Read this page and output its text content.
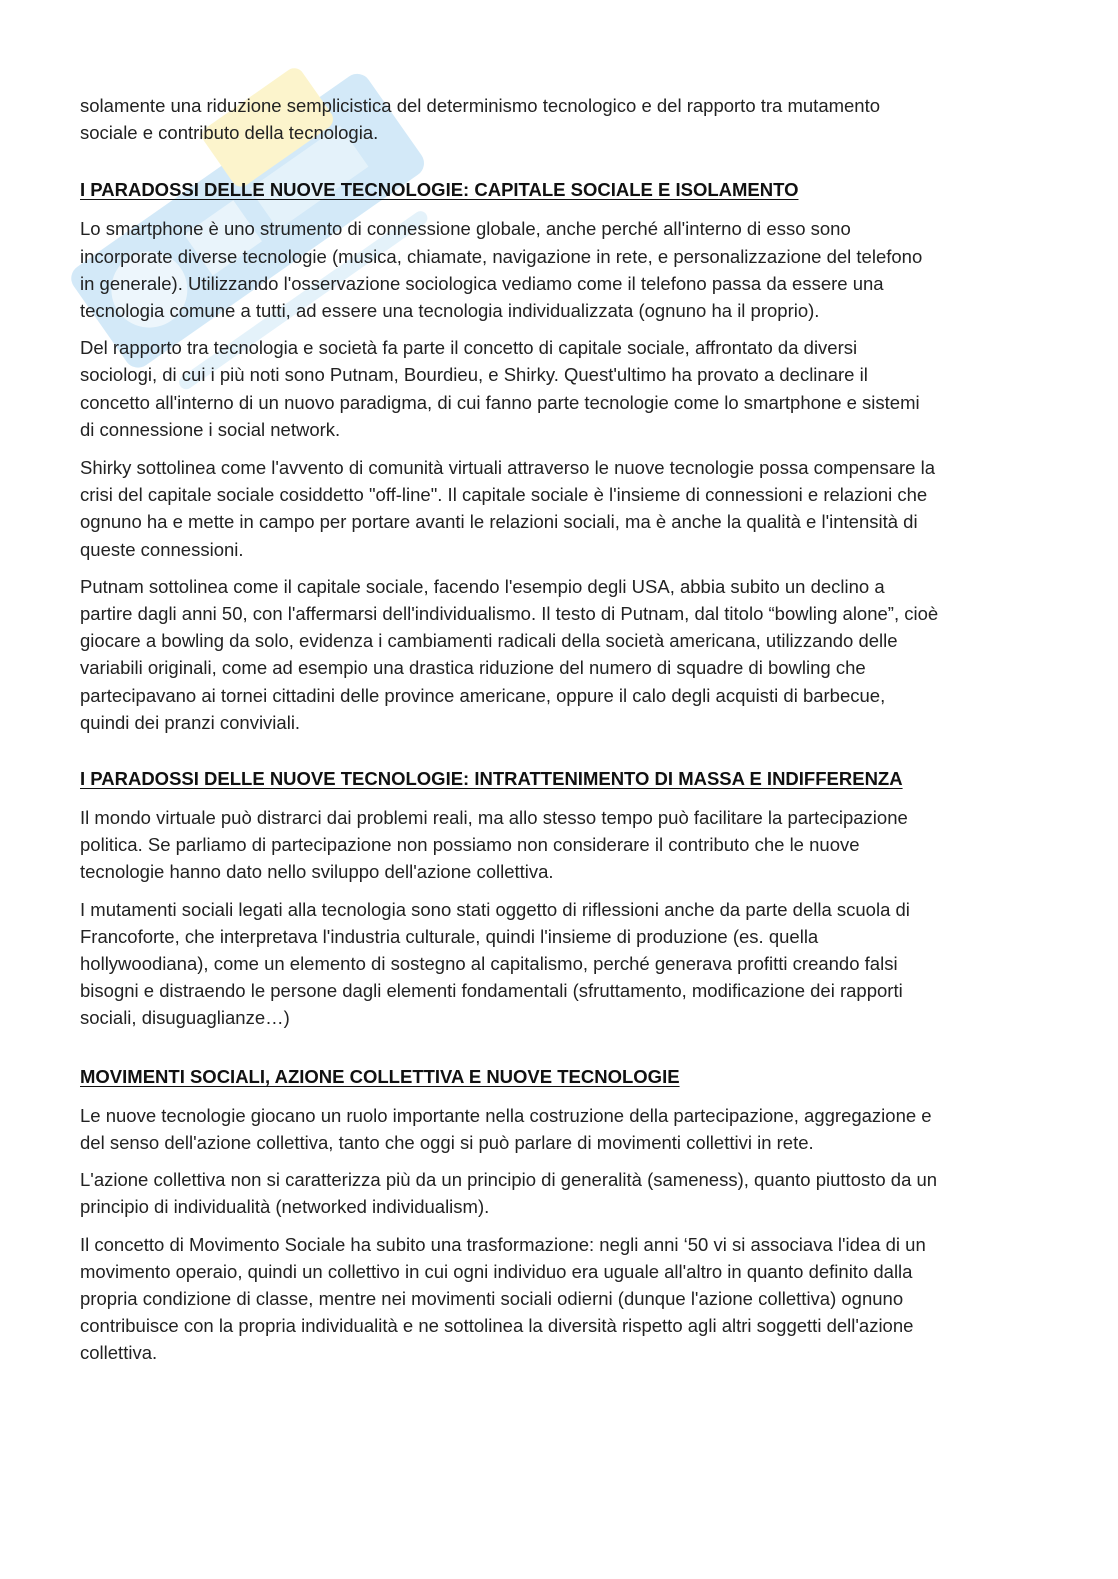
solamente una riduzione semplicistica del determinismo tecnologico e del rapporto tra mutamento
sociale e contributo della tecnologia.

I PARADOSSI DELLE NUOVE TECNOLOGIE: CAPITALE SOCIALE E ISOLAMENTO

Lo smartphone è uno strumento di connessione globale, anche perché all'interno di esso sono
incorporate diverse tecnologie (musica, chiamate, navigazione in rete, e personalizzazione del telefono
in generale). Utilizzando l'osservazione sociologica vediamo come il telefono passa da essere una
tecnologia comune a tutti, ad essere una tecnologia individualizzata (ognuno ha il proprio).

Del rapporto tra tecnologia e società fa parte il concetto di capitale sociale, affrontato da diversi
sociologi, di cui i più noti sono Putnam, Bourdieu, e Shirky. Quest'ultimo ha provato a declinare il
concetto all'interno di un nuovo paradigma, di cui fanno parte tecnologie come lo smartphone e sistemi
di connessione i social network.

Shirky sottolinea come l'avvento di comunità virtuali attraverso le nuove tecnologie possa compensare la
crisi del capitale sociale cosiddetto "off-line". Il capitale sociale è l'insieme di connessioni e relazioni che
ognuno ha e mette in campo per portare avanti le relazioni sociali, ma è anche la qualità e l'intensità di
queste connessioni.

Putnam sottolinea come il capitale sociale, facendo l'esempio degli USA, abbia subito un declino a
partire dagli anni 50, con l'affermarsi dell'individualismo. Il testo di Putnam, dal titolo “bowling alone”, cioè
giocare a bowling da solo, evidenza i cambiamenti radicali della società americana, utilizzando delle
variabili originali, come ad esempio una drastica riduzione del numero di squadre di bowling che
partecipavano ai tornei cittadini delle province americane, oppure il calo degli acquisti di barbecue,
quindi dei pranzi conviviali.

I PARADOSSI DELLE NUOVE TECNOLOGIE: INTRATTENIMENTO DI MASSA E INDIFFERENZA

Il mondo virtuale può distrarci dai problemi reali, ma allo stesso tempo può facilitare la partecipazione
politica. Se parliamo di partecipazione non possiamo non considerare il contributo che le nuove
tecnologie hanno dato nello sviluppo dell'azione collettiva.

I mutamenti sociali legati alla tecnologia sono stati oggetto di riflessioni anche da parte della scuola di
Francoforte, che interpretava l'industria culturale, quindi l'insieme di produzione (es. quella
hollywoodiana), come un elemento di sostegno al capitalismo, perché generava profitti creando falsi
bisogni e distraendo le persone dagli elementi fondamentali (sfruttamento, modificazione dei rapporti
sociali, disuguaglianze…)

MOVIMENTI SOCIALI, AZIONE COLLETTIVA E NUOVE TECNOLOGIE

Le nuove tecnologie giocano un ruolo importante nella costruzione della partecipazione, aggregazione e
del senso dell'azione collettiva, tanto che oggi si può parlare di movimenti collettivi in rete.

L'azione collettiva non si caratterizza più da un principio di generalità (sameness), quanto piuttosto da un
principio di individualità (networked individualism).

Il concetto di Movimento Sociale ha subito una trasformazione: negli anni ‘50 vi si associava l'idea di un
movimento operaio, quindi un collettivo in cui ogni individuo era uguale all'altro in quanto definito dalla
propria condizione di classe, mentre nei movimenti sociali odierni (dunque l'azione collettiva) ognuno
contribuisce con la propria individualità e ne sottolinea la diversità rispetto agli altri soggetti dell'azione
collettiva.
